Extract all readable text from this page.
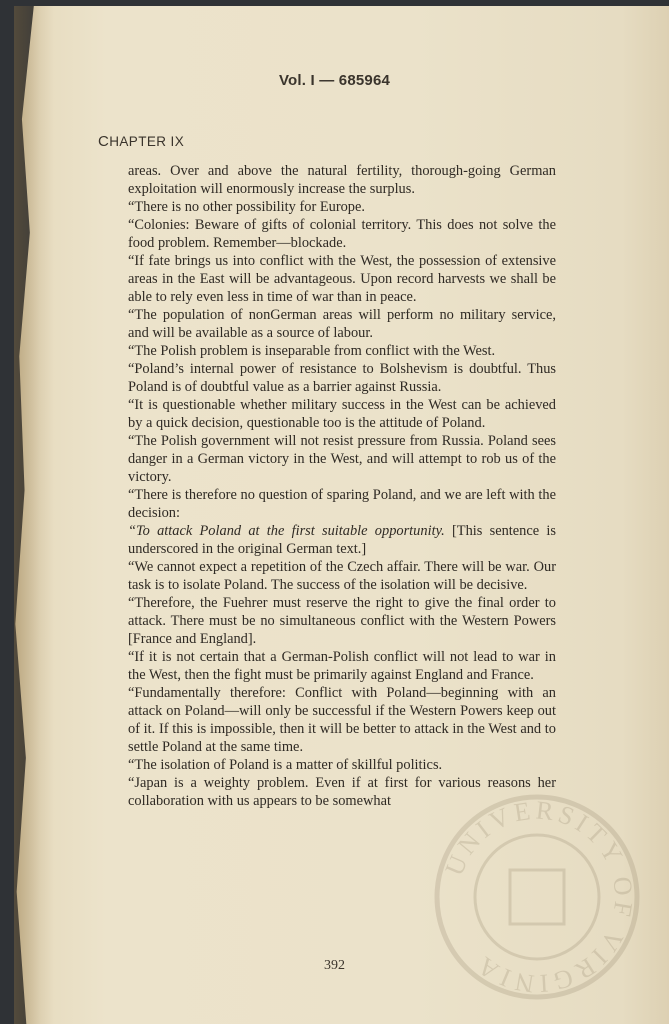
Vol. I — 685964
CHAPTER IX

areas. Over and above the natural fertility, thorough-going German exploitation will enormously increase the surplus.

“There is no other possibility for Europe.

“Colonies: Beware of gifts of colonial territory. This does not solve the food problem. Remember—blockade.

“If fate brings us into conflict with the West, the possession of extensive areas in the East will be advantageous. Upon record harvests we shall be able to rely even less in time of war than in peace.

“The population of nonGerman areas will perform no military service, and will be available as a source of labour.

“The Polish problem is inseparable from conflict with the West.

“Poland’s internal power of resistance to Bolshevism is doubtful. Thus Poland is of doubtful value as a barrier against Russia.

“It is questionable whether military success in the West can be achieved by a quick decision, questionable too is the attitude of Poland.

“The Polish government will not resist pressure from Russia. Poland sees danger in a German victory in the West, and will attempt to rob us of the victory.

“There is therefore no question of sparing Poland, and we are left with the decision:

“To attack Poland at the first suitable opportunity. [This sentence is underscored in the original German text.]

“We cannot expect a repetition of the Czech affair. There will be war. Our task is to isolate Poland. The success of the isolation will be decisive.

“Therefore, the Fuehrer must reserve the right to give the final order to attack. There must be no simultaneous conflict with the Western Powers [France and England].

“If it is not certain that a German-Polish conflict will not lead to war in the West, then the fight must be primarily against England and France.

“Fundamentally therefore: Conflict with Poland—beginning with an attack on Poland—will only be successful if the Western Powers keep out of it. If this is impossible, then it will be better to attack in the West and to settle Poland at the same time.

“The isolation of Poland is a matter of skillful politics.

“Japan is a weighty problem. Even if at first for various reasons her collaboration with us appears to be somewhat

392
